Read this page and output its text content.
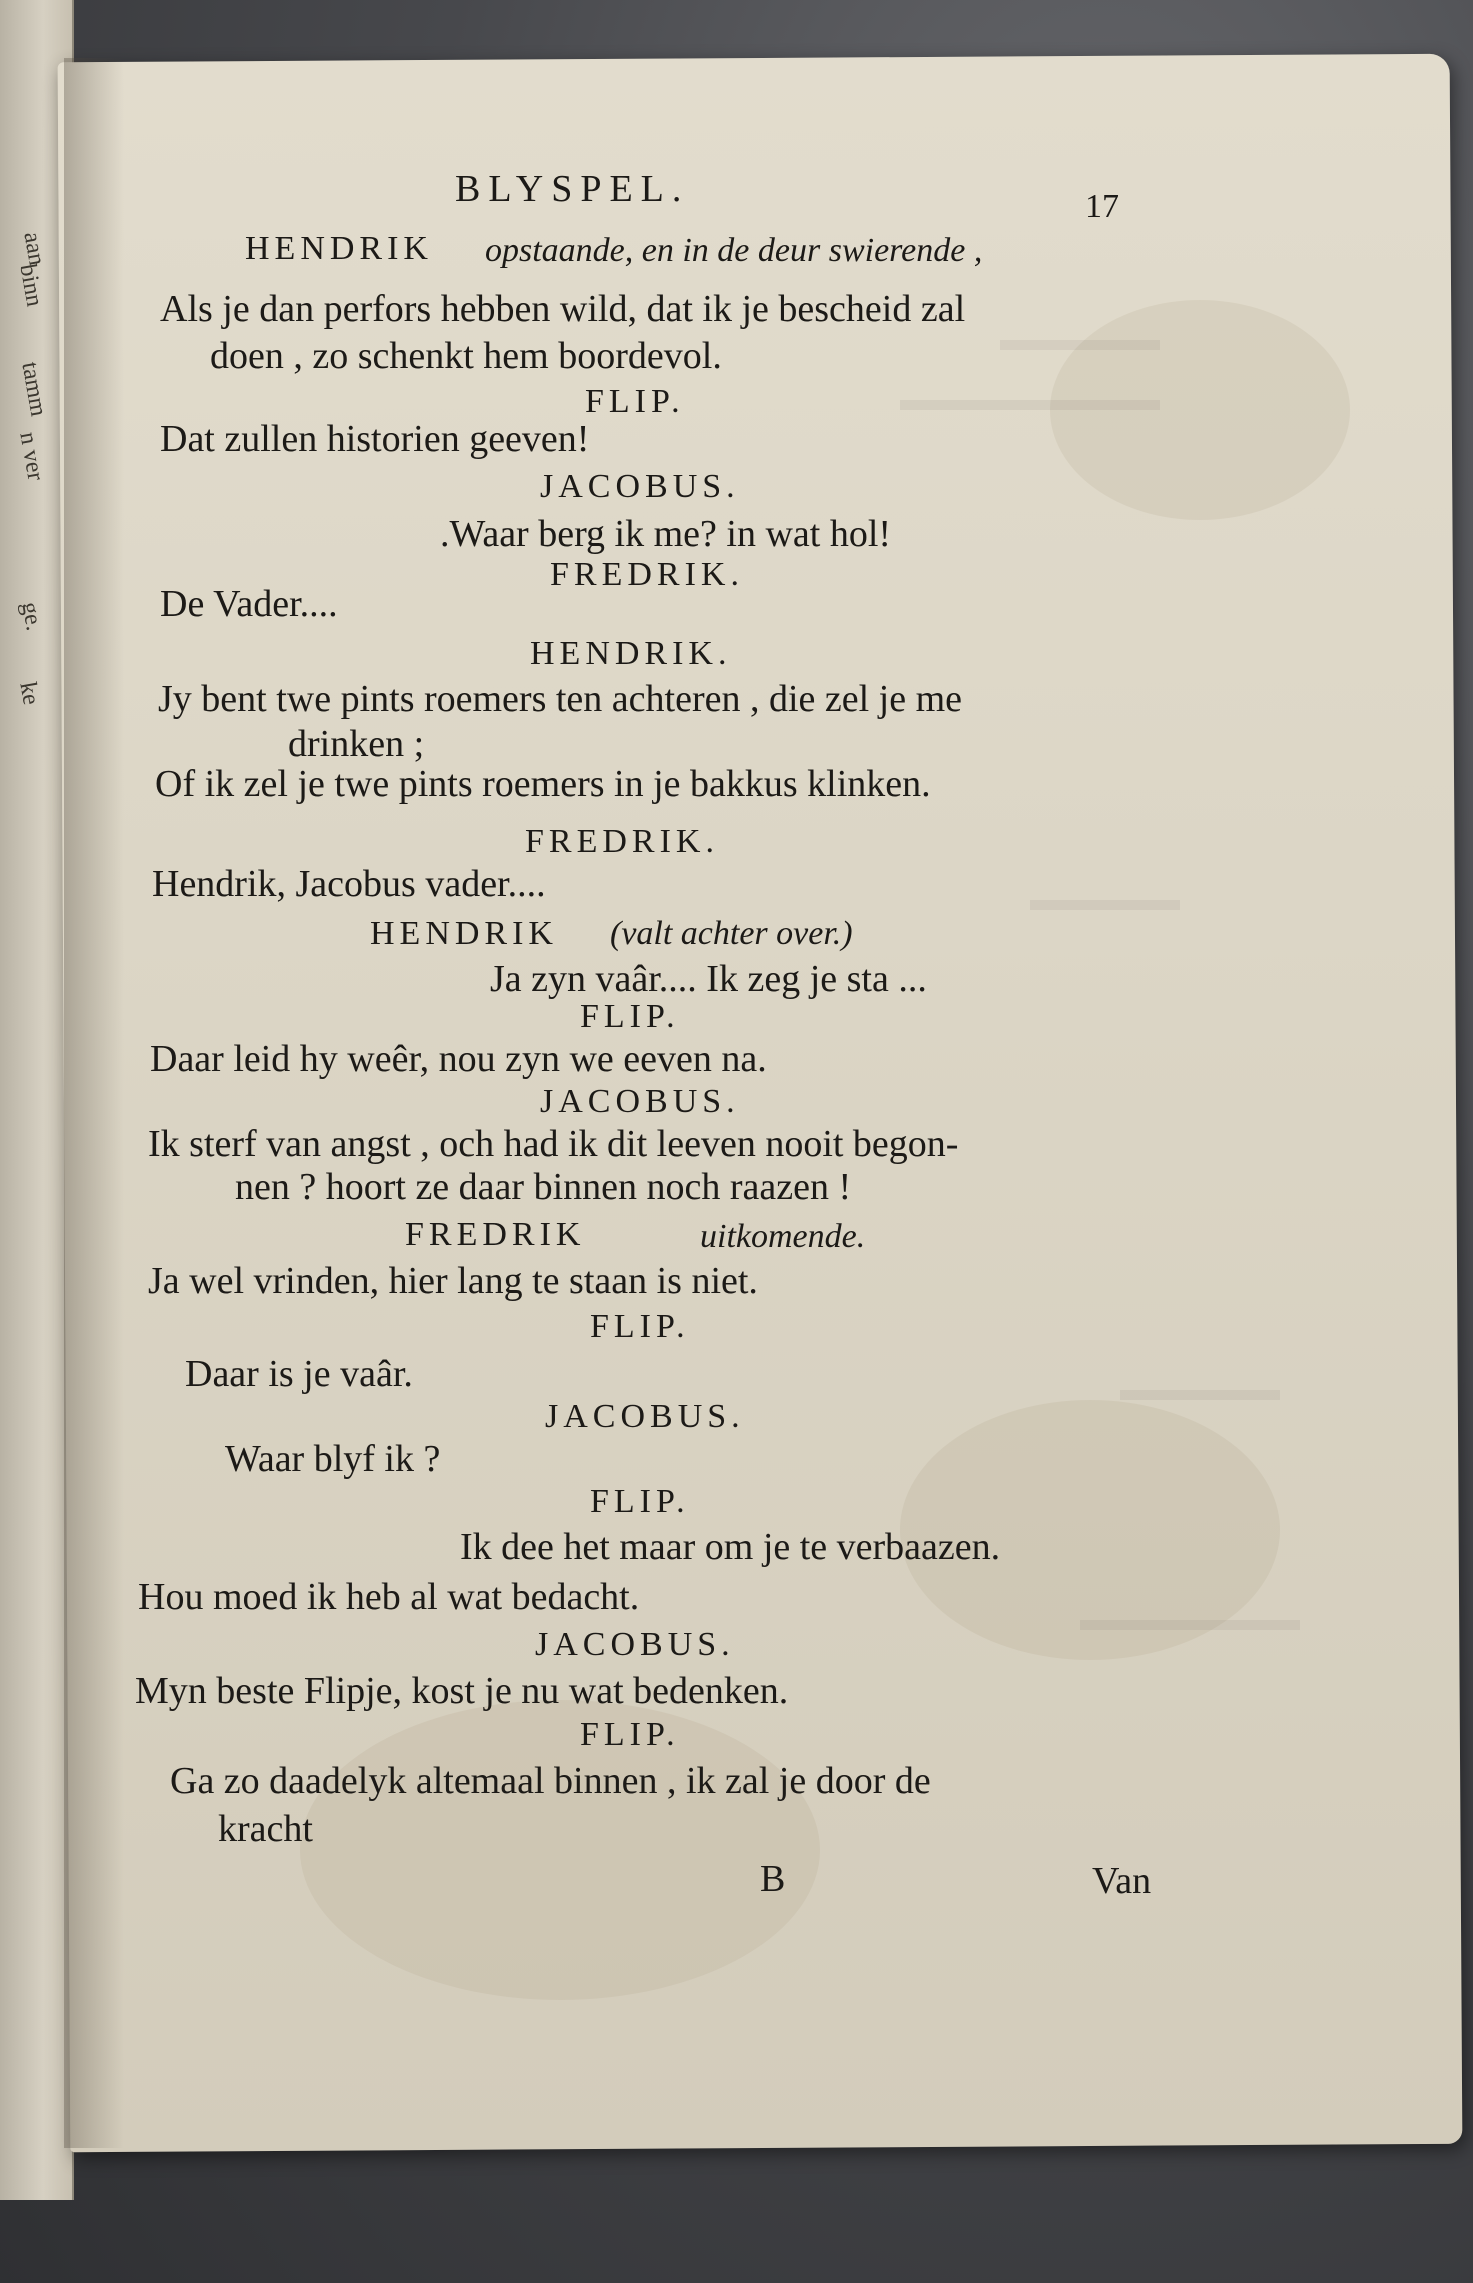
aan
binn
tamm
n ver
ge.
ke
BLYSPEL.	17
HENDRIK opstaande, en in de deur swierende ,
Als je dan perfors hebben wild, dat ik je bescheid zal
doen , zo schenkt hem boordevol.
FLIP.
Dat zullen historien geeven!
JACOBUS.
.Waar berg ik me? in wat hol!
FREDRIK.
De Vader....
HENDRIK.
Jy bent twe pints roemers ten achteren , die zel je me
drinken ;
Of ik zel je twe pints roemers in je bakkus klinken.
FREDRIK.
Hendrik, Jacobus vader....
HENDRIK (valt achter over.)
Ja zyn vaâr.... Ik zeg je sta ...
FLIP.
Daar leid hy weêr, nou zyn we eeven na.
JACOBUS.
Ik sterf van angst , och had ik dit leeven nooit begon-
nen ? hoort ze daar binnen noch raazen !
FREDRIK	uitkomende.
Ja wel vrinden, hier lang te staan is niet.
FLIP.
Daar is je vaâr.
JACOBUS.
Waar blyf ik ?
FLIP.
Ik dee het maar om je te verbaazen.
Hou moed ik heb al wat bedacht.
JACOBUS.
Myn beste Flipje, kost je nu wat bedenken.
FLIP.
Ga zo daadelyk altemaal binnen , ik zal je door de
kracht
B	Van
